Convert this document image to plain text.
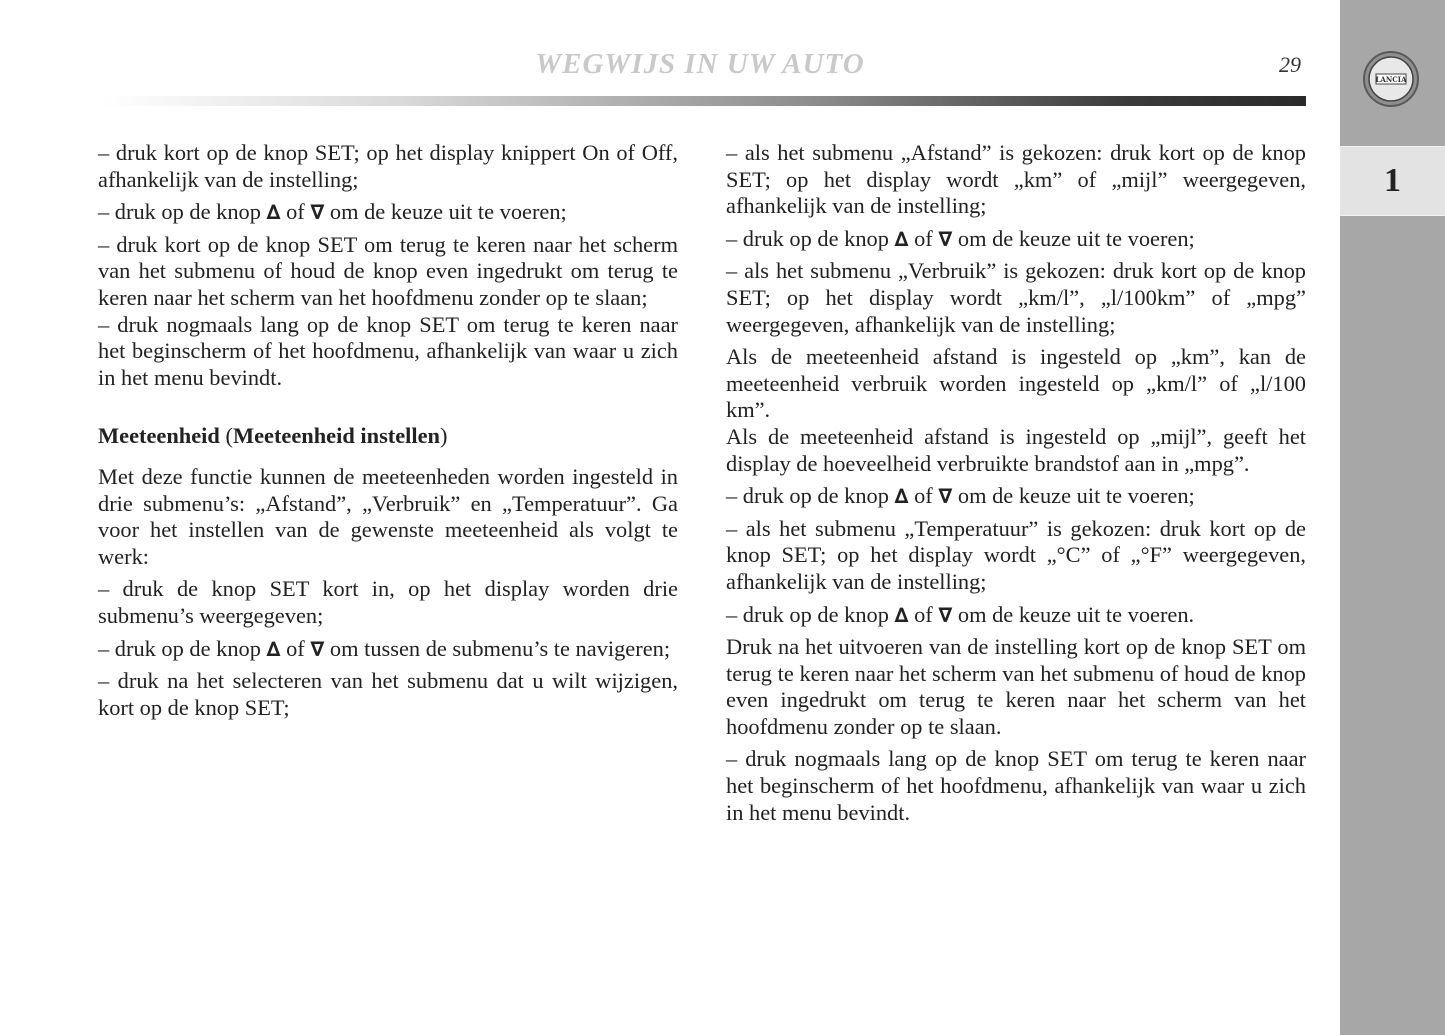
WEGWIJS IN UW AUTO	29
LANCIA
1

– druk kort op de knop SET; op het display knippert On of Off, afhankelijk van de instelling;

– druk op de knop ∆ of ∇ om de keuze uit te voeren;

– druk kort op de knop SET om terug te keren naar het scherm van het submenu of houd de knop even ingedrukt om terug te keren naar het scherm van het hoofdmenu zonder op te slaan;

– druk nogmaals lang op de knop SET om terug te keren naar het beginscherm of het hoofdmenu, afhankelijk van waar u zich in het menu bevindt.

Meeteenheid (Meeteenheid instellen)

Met deze functie kunnen de meeteenheden worden ingesteld in drie submenu’s: „Afstand”, „Verbruik” en „Temperatuur”. Ga voor het instellen van de gewenste meeteenheid als volgt te werk:

– druk de knop SET kort in, op het display worden drie submenu’s weergegeven;

– druk op de knop ∆ of ∇ om tussen de submenu’s te navigeren;

– druk na het selecteren van het submenu dat u wilt wijzigen, kort op de knop SET;

– als het submenu „Afstand” is gekozen: druk kort op de knop SET; op het display wordt „km” of „mijl” weergegeven, afhankelijk van de instelling;

– druk op de knop ∆ of ∇ om de keuze uit te voeren;

– als het submenu „Verbruik” is gekozen: druk kort op de knop SET; op het display wordt „km/l”, „l/100km” of „mpg” weergegeven, afhankelijk van de instelling;

Als de meeteenheid afstand is ingesteld op „km”, kan de meeteenheid verbruik worden ingesteld op „km/l” of „l/100 km”.

Als de meeteenheid afstand is ingesteld op „mijl”, geeft het display de hoeveelheid verbruikte brandstof aan in „mpg”.

– druk op de knop ∆ of ∇ om de keuze uit te voeren;

– als het submenu „Temperatuur” is gekozen: druk kort op de knop SET; op het display wordt „°C” of „°F” weergegeven, afhankelijk van de instelling;

– druk op de knop ∆ of ∇ om de keuze uit te voeren.

Druk na het uitvoeren van de instelling kort op de knop SET om terug te keren naar het scherm van het submenu of houd de knop even ingedrukt om terug te keren naar het scherm van het hoofdmenu zonder op te slaan.

– druk nogmaals lang op de knop SET om terug te keren naar het beginscherm of het hoofdmenu, afhankelijk van waar u zich in het menu bevindt.
